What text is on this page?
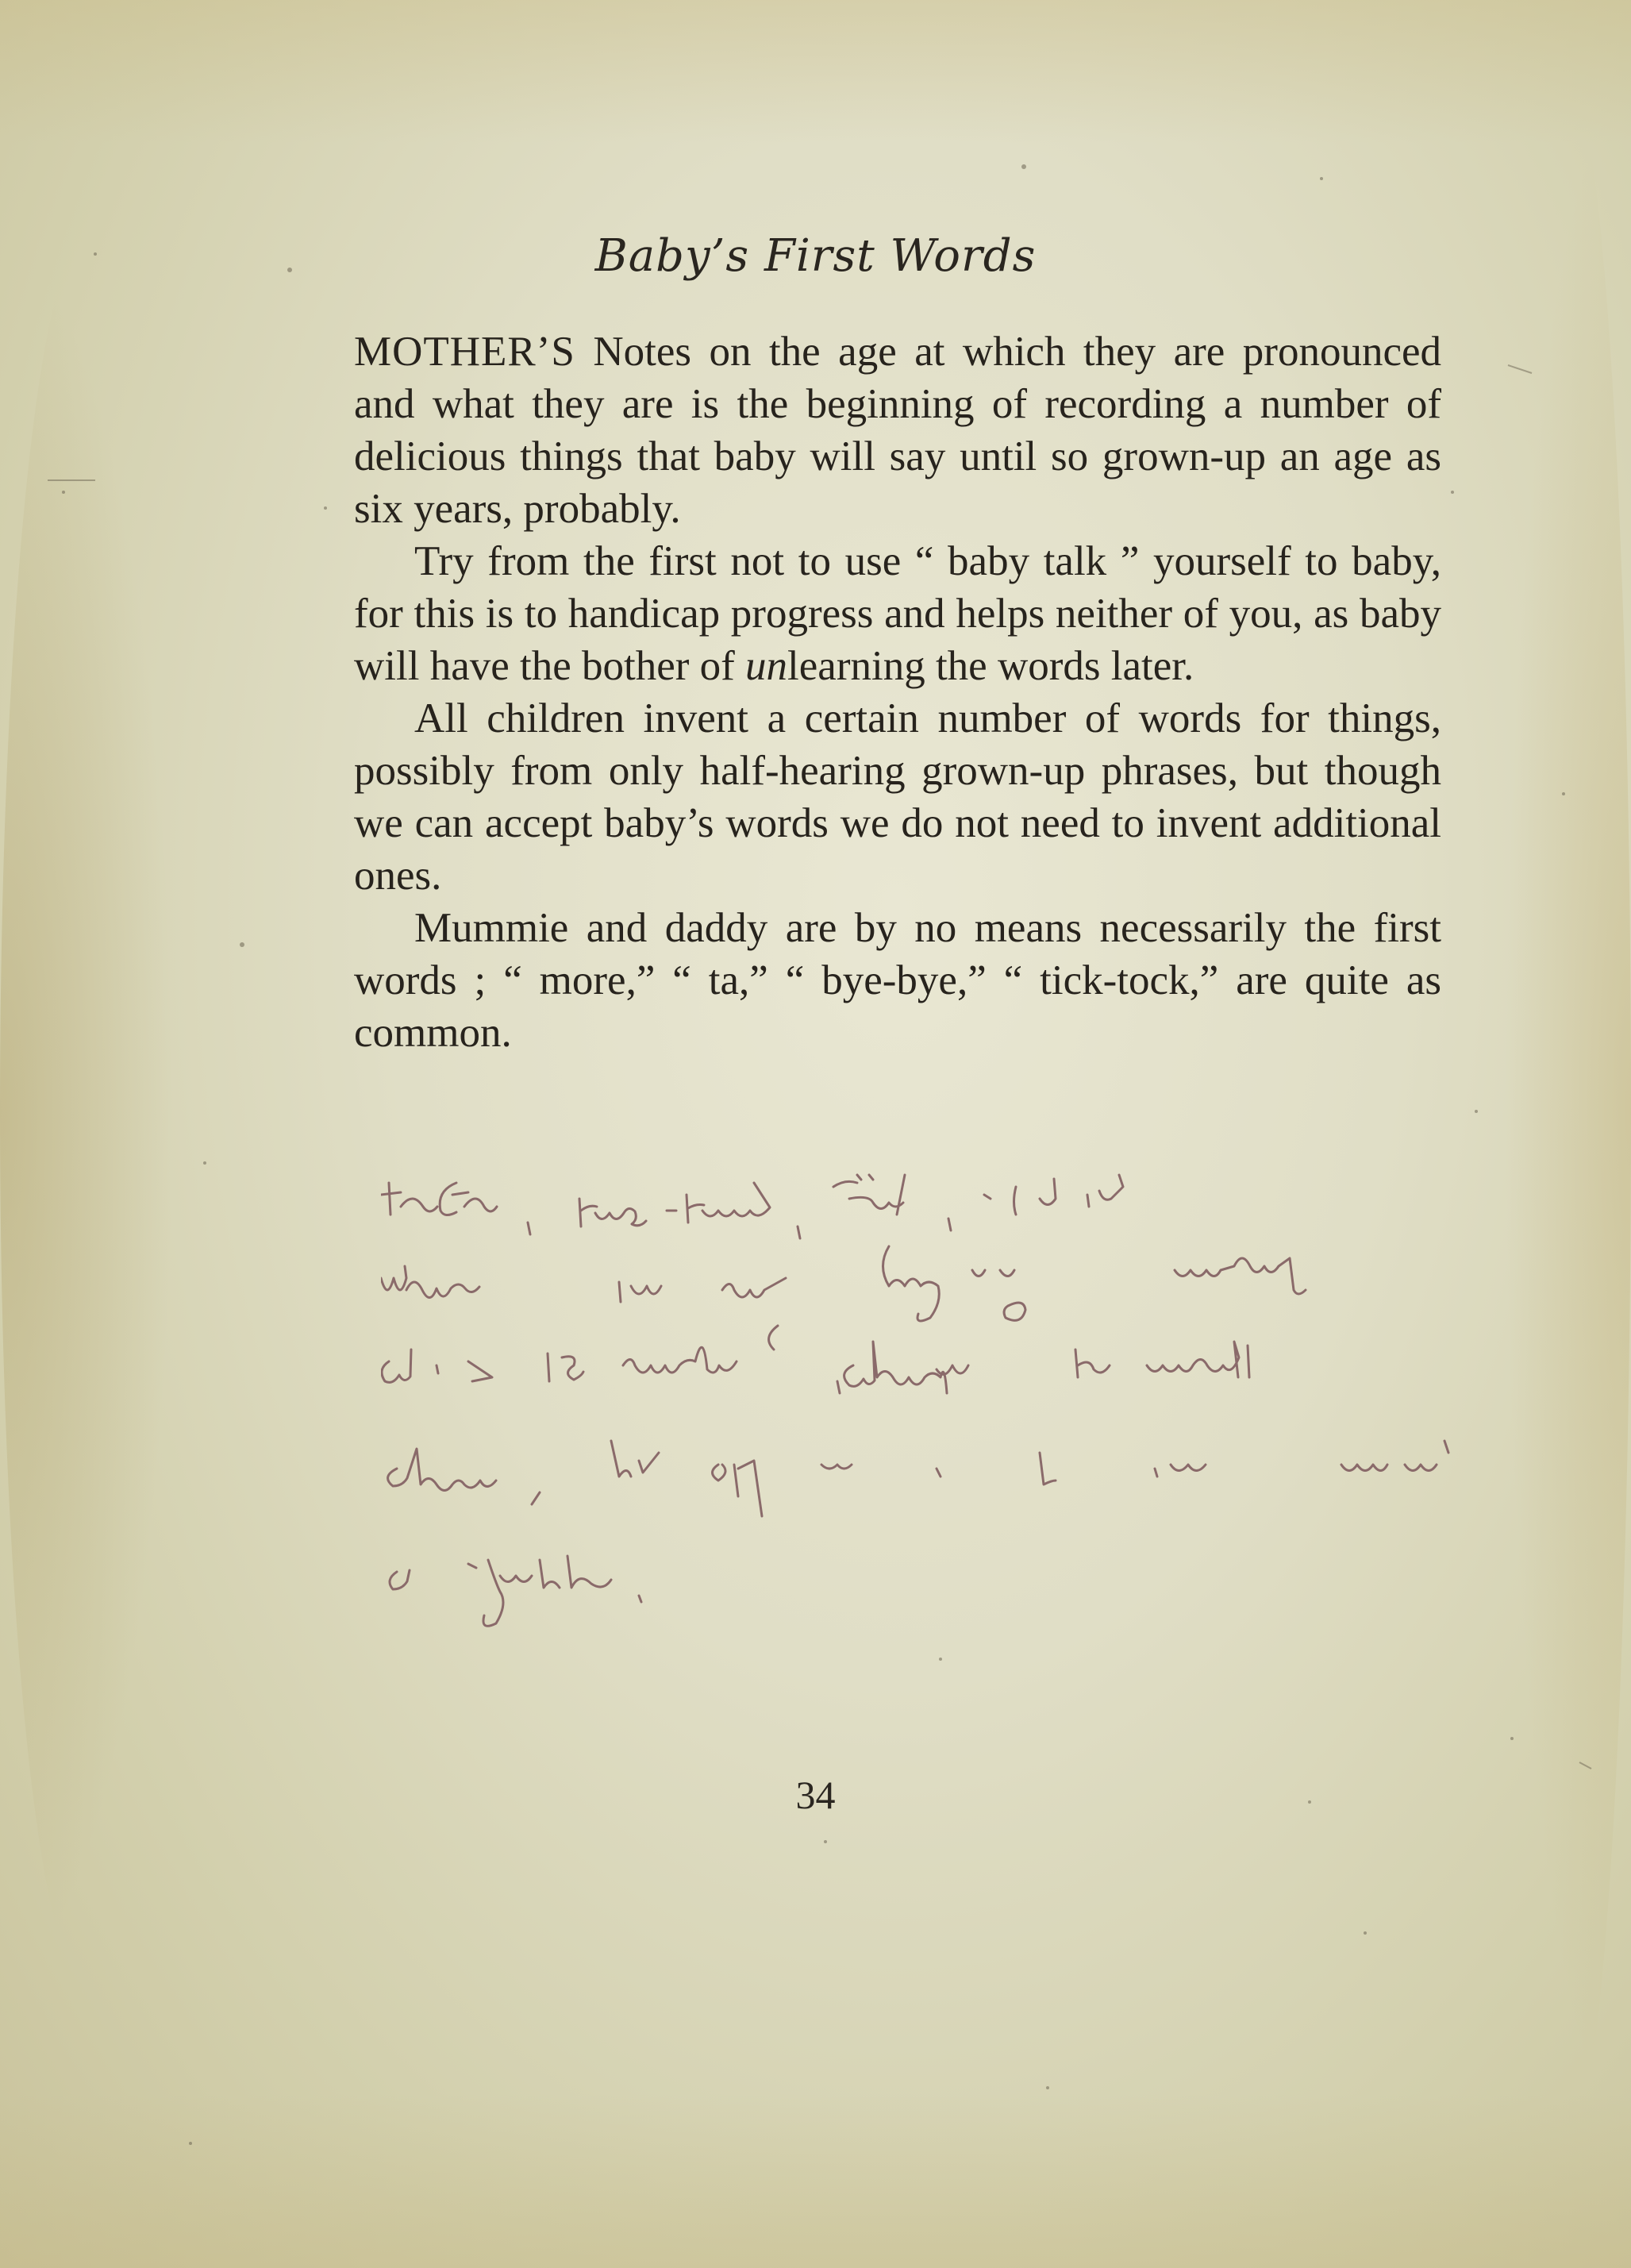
Baby’s First Words

MOTHER’S Notes on the age at which they are pronounced and what they are is the beginning of recording a number of delicious things that baby will say until so grown-up an age as six years, probably.

Try from the first not to use “ baby talk ” yourself to baby, for this is to handicap progress and helps neither of you, as baby will have the bother of unlearning the words later.

All children invent a certain number of words for things, possibly from only half-hearing grown-up phrases, but though we can accept baby’s words we do not need to invent additional ones.

Mummie and daddy are by no means necessarily the first words ; “ more,” “ ta,” “ bye-bye,” “ tick-tock,” are quite as common.

34
